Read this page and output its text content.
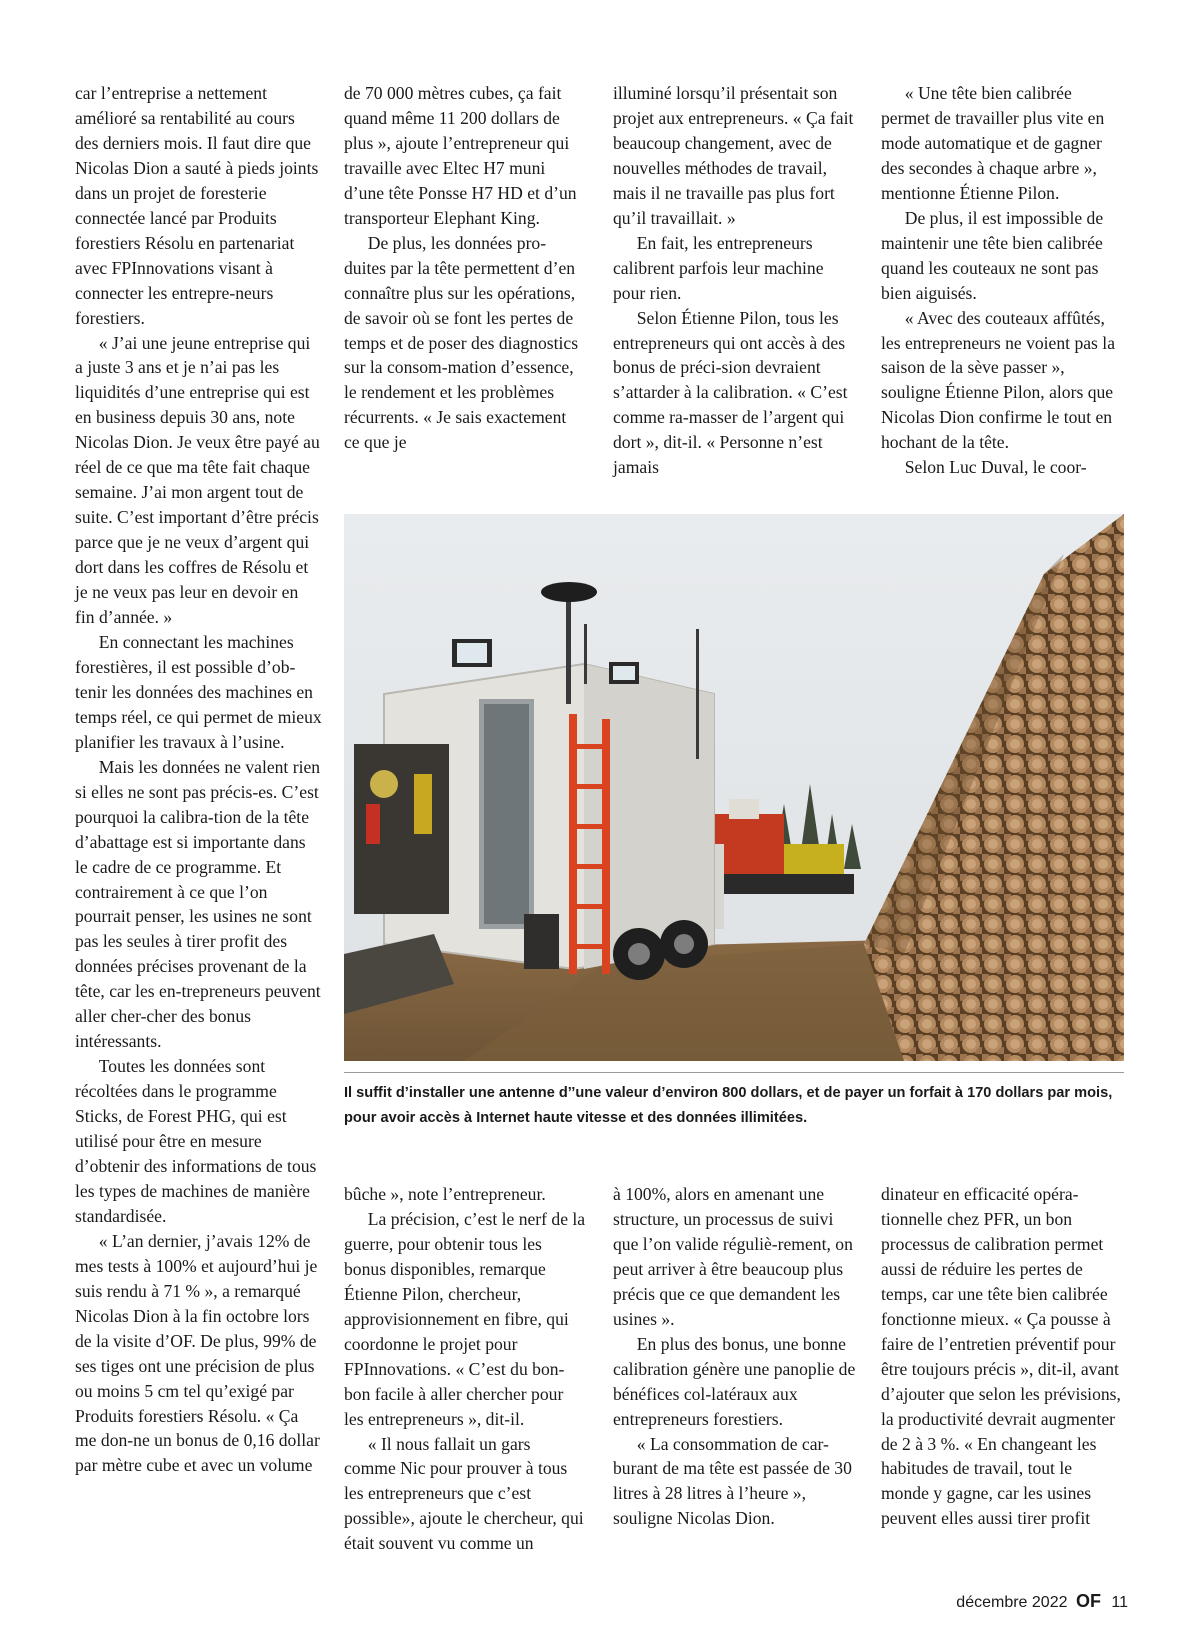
car l’entreprise a nettement amélioré sa rentabilité au cours des derniers mois. Il faut dire que Nicolas Dion a sauté à pieds joints dans un projet de foresterie connectée lancé par Produits forestiers Résolu en partenariat avec FPInnovations visant à connecter les entrepre-neurs forestiers.

« J’ai une jeune entreprise qui a juste 3 ans et je n’ai pas les liquidités d’une entreprise qui est en business depuis 30 ans, note Nicolas Dion. Je veux être payé au réel de ce que ma tête fait chaque semaine. J’ai mon argent tout de suite. C’est important d’être précis parce que je ne veux d’argent qui dort dans les coffres de Résolu et je ne veux pas leur en devoir en fin d’année. »

En connectant les machines forestières, il est possible d’ob-tenir les données des machines en temps réel, ce qui permet de mieux planifier les travaux à l’usine.

Mais les données ne valent rien si elles ne sont pas précis-es. C’est pourquoi la calibra-tion de la tête d’abattage est si importante dans le cadre de ce programme. Et contrairement à ce que l’on pourrait penser, les usines ne sont pas les seules à tirer profit des données précises provenant de la tête, car les en-trepreneurs peuvent aller cher-cher des bonus intéressants.

Toutes les données sont récoltées dans le programme Sticks, de Forest PHG, qui est utilisé pour être en mesure d’obtenir des informations de tous les types de machines de manière standardisée.

« L’an dernier, j’avais 12% de mes tests à 100% et aujourd’hui je suis rendu à 71 % », a remarqué Nicolas Dion à la fin octobre lors de la visite d’OF. De plus, 99% de ses tiges ont une précision de plus ou moins 5 cm tel qu’exigé par Produits forestiers Résolu. « Ça me don-ne un bonus de 0,16 dollar par mètre cube et avec un volume

de 70 000 mètres cubes, ça fait quand même 11 200 dollars de plus », ajoute l’entrepreneur qui travaille avec Eltec H7 muni d’une tête Ponsse H7 HD et d’un transporteur Elephant King.

De plus, les données pro-duites par la tête permettent d’en connaître plus sur les opérations, de savoir où se font les pertes de temps et de poser des diagnostics sur la consom-mation d’essence, le rendement et les problèmes récurrents. « Je sais exactement ce que je

illuminé lorsqu’il présentait son projet aux entrepreneurs. « Ça fait beaucoup changement, avec de nouvelles méthodes de travail, mais il ne travaille pas plus fort qu’il travaillait. »

En fait, les entrepreneurs calibrent parfois leur machine pour rien.

Selon Étienne Pilon, tous les entrepreneurs qui ont accès à des bonus de préci-sion devraient s’attarder à la calibration. « C’est comme ra-masser de l’argent qui dort », dit-il. « Personne n’est jamais

« Une tête bien calibrée permet de travailler plus vite en mode automatique et de gagner des secondes à chaque arbre », mentionne Étienne Pilon.

De plus, il est impossible de maintenir une tête bien calibrée quand les couteaux ne sont pas bien aiguisés.

« Avec des couteaux affûtés, les entrepreneurs ne voient pas la saison de la sève passer », souligne Étienne Pilon, alors que Nicolas Dion confirme le tout en hochant de la tête.

Selon Luc Duval, le coor-

Il suffit d’installer une antenne d’’une valeur d’environ 800 dollars, et de payer un forfait à 170 dollars par mois, pour avoir accès à Internet haute vitesse et des données illimitées.

bûche », note l’entrepreneur.

La précision, c’est le nerf de la guerre, pour obtenir tous les bonus disponibles, remarque Étienne Pilon, chercheur, approvisionnement en fibre, qui coordonne le projet pour FPInnovations. « C’est du bon-bon facile à aller chercher pour les entrepreneurs », dit-il.

« Il nous fallait un gars comme Nic pour prouver à tous les entrepreneurs que c’est possible», ajoute le chercheur, qui était souvent vu comme un

à 100%, alors en amenant une structure, un processus de suivi que l’on valide réguliè-rement, on peut arriver à être beaucoup plus précis que ce que demandent les usines ».

En plus des bonus, une bonne calibration génère une panoplie de bénéfices col-latéraux aux entrepreneurs forestiers.

« La consommation de car-burant de ma tête est passée de 30 litres à 28 litres à l’heure », souligne Nicolas Dion.

dinateur en efficacité opéra-tionnelle chez PFR, un bon processus de calibration permet aussi de réduire les pertes de temps, car une tête bien calibrée fonctionne mieux. « Ça pousse à faire de l’entretien préventif pour être toujours précis », dit-il, avant d’ajouter que selon les prévisions, la productivité devrait augmenter de 2 à 3 %. « En changeant les habitudes de travail, tout le monde y gagne, car les usines peuvent elles aussi tirer profit

décembre 2022 OF 11
